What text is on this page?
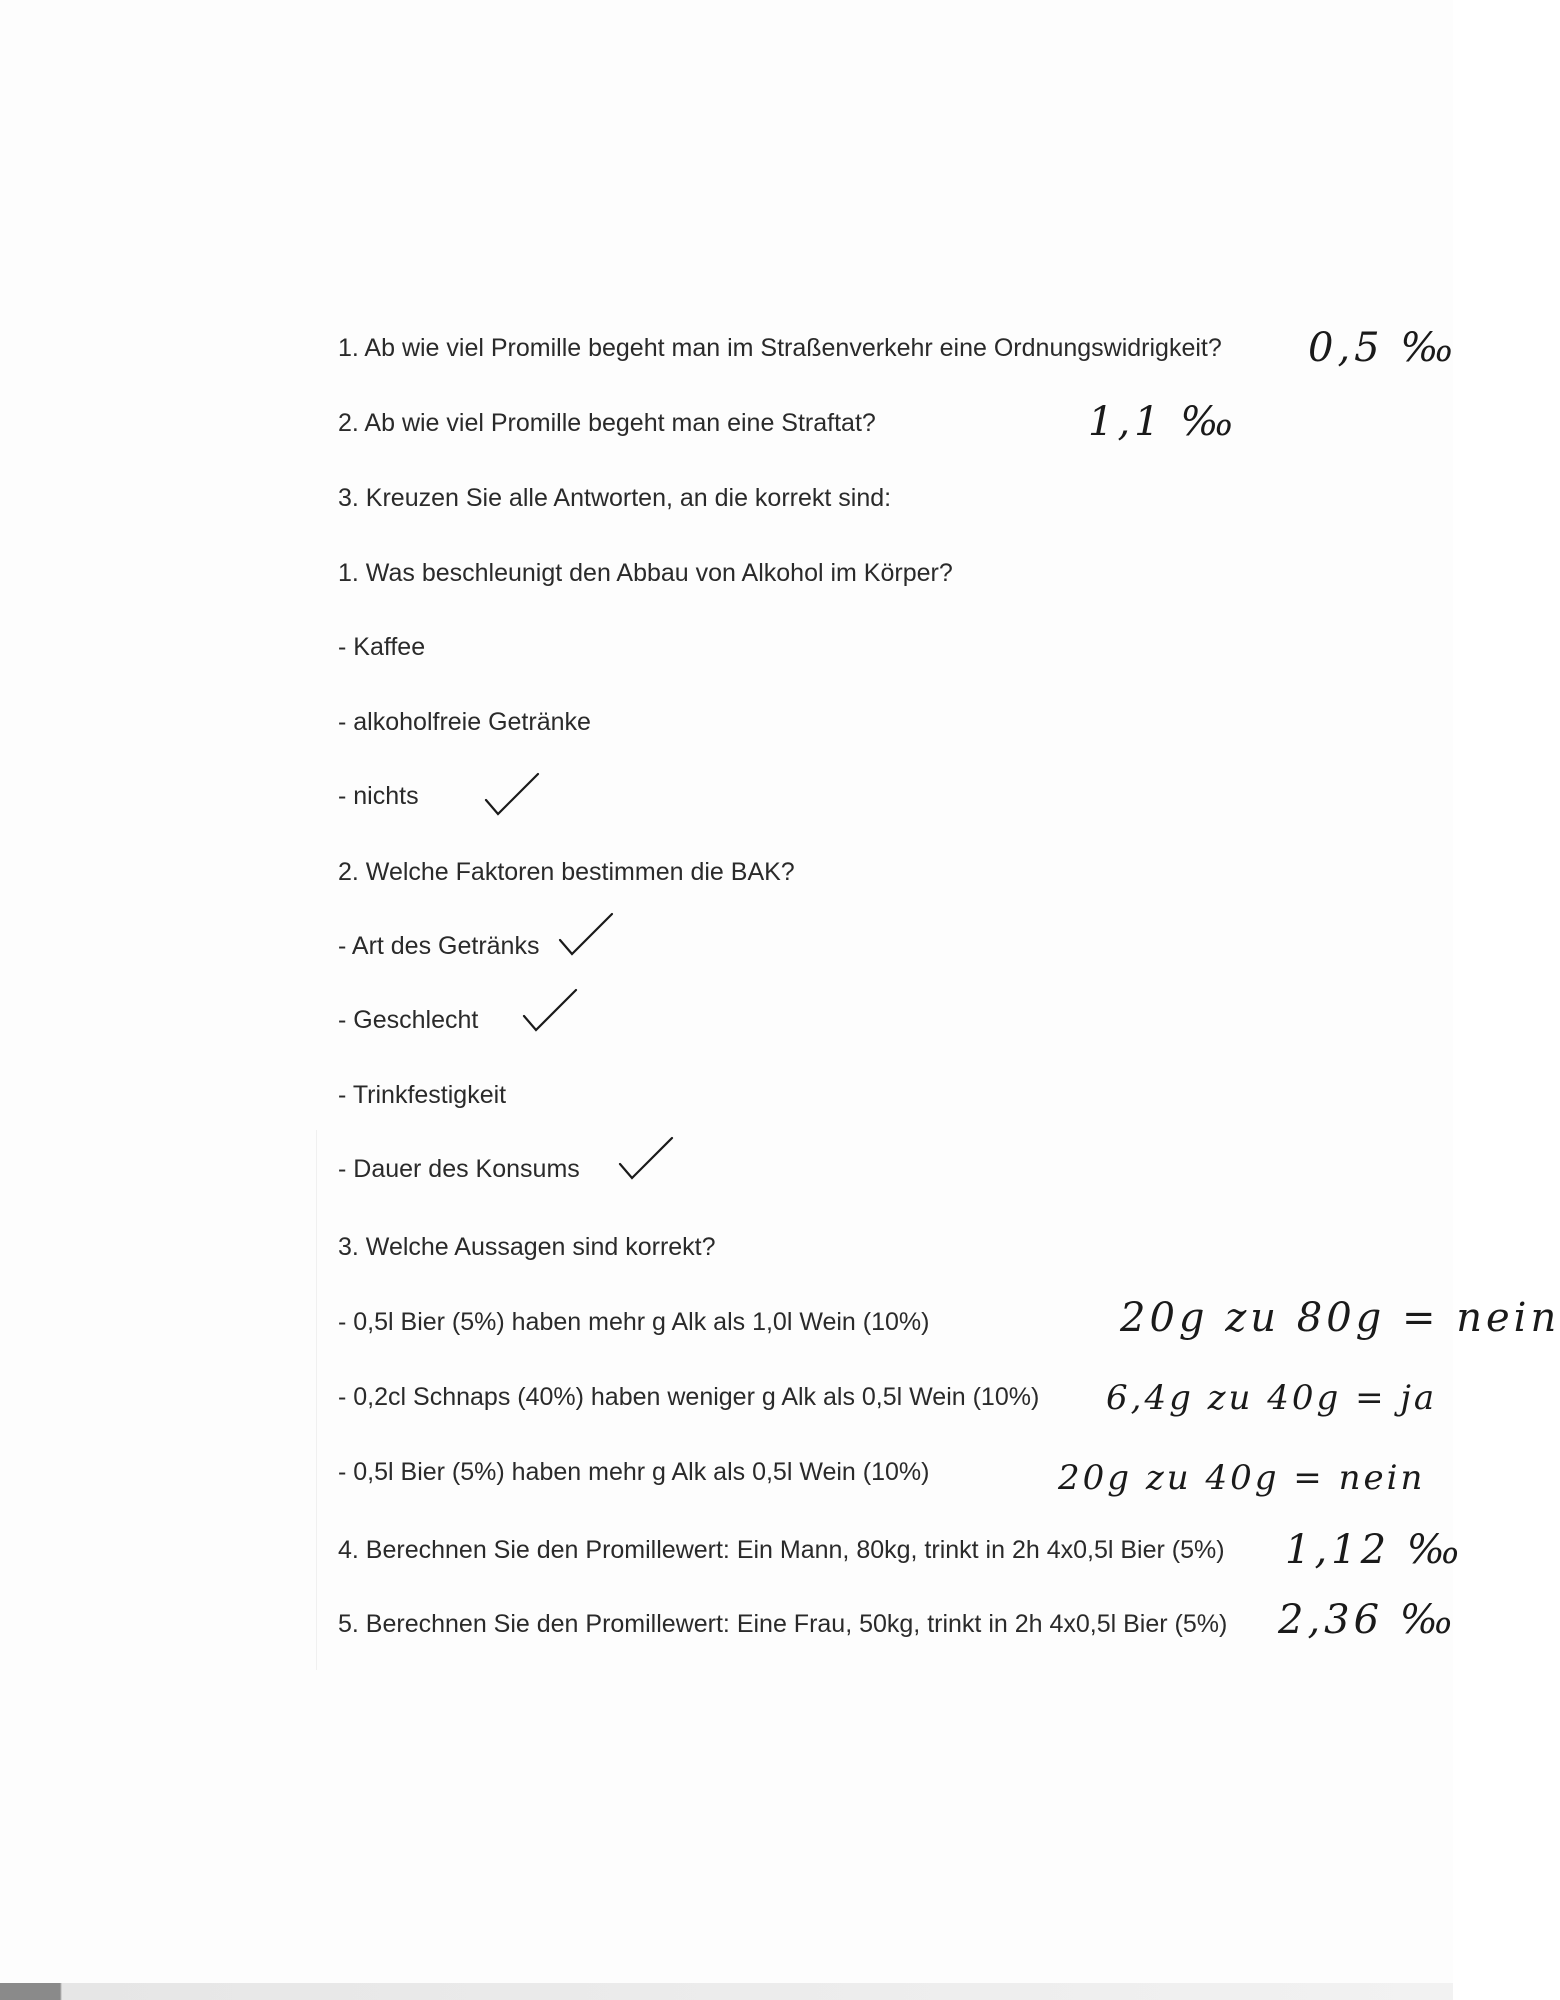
1. Ab wie viel Promille begeht man im Straßenverkehr eine Ordnungswidrigkeit? 0,5 ‰
2. Ab wie viel Promille begeht man eine Straftat?	1,1 ‰
3. Kreuzen Sie alle Antworten, an die korrekt sind:
1. Was beschleunigt den Abbau von Alkohol im Körper?
- Kaffee
- alkoholfreie Getränke
- nichts
2. Welche Faktoren bestimmen die BAK?
- Art des Getränks
- Geschlecht
- Trinkfestigkeit
- Dauer des Konsums
3. Welche Aussagen sind korrekt?
- 0,5l Bier (5%) haben mehr g Alk als 1,0l Wein (10%)	20g zu 80g = nein
- 0,2cl Schnaps (40%) haben weniger g Alk als 0,5l Wein (10%) 6,4g zu 40g = ja
- 0,5l Bier (5%) haben mehr g Alk als 0,5l Wein (10%)	20g zu 40g = nein
4. Berechnen Sie den Promillewert: Ein Mann, 80kg, trinkt in 2h 4x0,5l Bier (5%) 1,12 ‰
5. Berechnen Sie den Promillewert: Eine Frau, 50kg, trinkt in 2h 4x0,5l Bier (5%) 2,36 ‰
